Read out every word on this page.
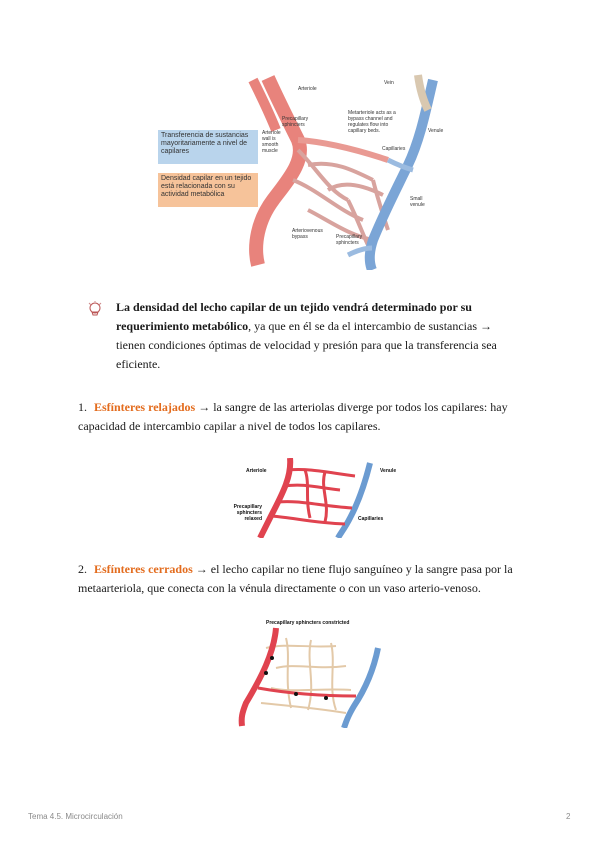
Arteriole
Vein
Precapillary sphincters
Arteriole wall is smooth muscle
Metarteriole acts as a bypass channel and regulates flow into capillary beds.	Venule
Capillaries
Small venule
Arteriovenous bypass	Precapillary sphincters
Transferencia de sustancias mayoritariamente a nivel de capilares
Densidad capilar en un tejido está relacionada con su actividad metabólica
La densidad del lecho capilar de un tejido vendrá determinado por su requerimiento metabólico, ya que en él se da el intercambio de sustancias → tienen condiciones óptimas de velocidad y presión para que la transferencia sea eficiente.
1. Esfínteres relajados → la sangre de las arteriolas diverge por todos los capilares: hay capacidad de intercambio capilar a nivel de todos los capilares.
Arteriole	Venule
Precapillary sphincters relaxed	Capillaries
2. Esfínteres cerrados → el lecho capilar no tiene flujo sanguíneo y la sangre pasa por la metaarteriola, que conecta con la vénula directamente o con un vaso arterio-venoso.
Precapillary sphincters constricted
Tema 4.5. Microcirculación	2
